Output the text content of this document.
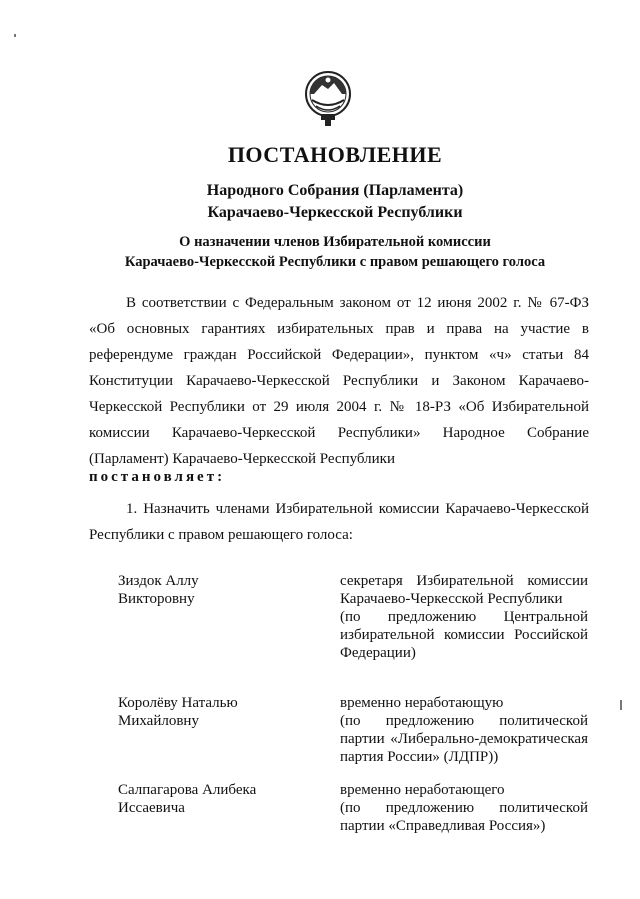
ПОСТАНОВЛЕНИЕ
Народного Собрания (Парламента)
Карачаево-Черкесской Республики
О назначении членов Избирательной комиссии
Карачаево-Черкесской Республики с правом решающего голоса
В соответствии с Федеральным законом от 12 июня 2002 г. № 67-ФЗ «Об основных гарантиях избирательных прав и права на участие в референдуме граждан Российской Федерации», пунктом «ч» статьи 84 Конституции Карачаево-Черкесской Республики и Законом Карачаево-Черкесской Республики от 29 июля 2004 г. № 18-РЗ «Об Избирательной комиссии Карачаево-Черкесской Республики» Народное Собрание (Парламент) Карачаево-Черкесской Республики
постановляет:
1. Назначить членами Избирательной комиссии Карачаево-Черкесской Республики с правом решающего голоса:
Зиздок Аллу
Викторовну
секретаря Избирательной комиссии Карачаево-Черкесской Республики
(по предложению Центральной избирательной комиссии Российской Федерации)
Королёву Наталью
Михайловну
временно неработающую
(по предложению политической партии «Либерально-демократическая партия России» (ЛДПР))
Салпагарова Алибека
Иссаевича
временно неработающего
(по предложению политической партии «Справедливая Россия»)
